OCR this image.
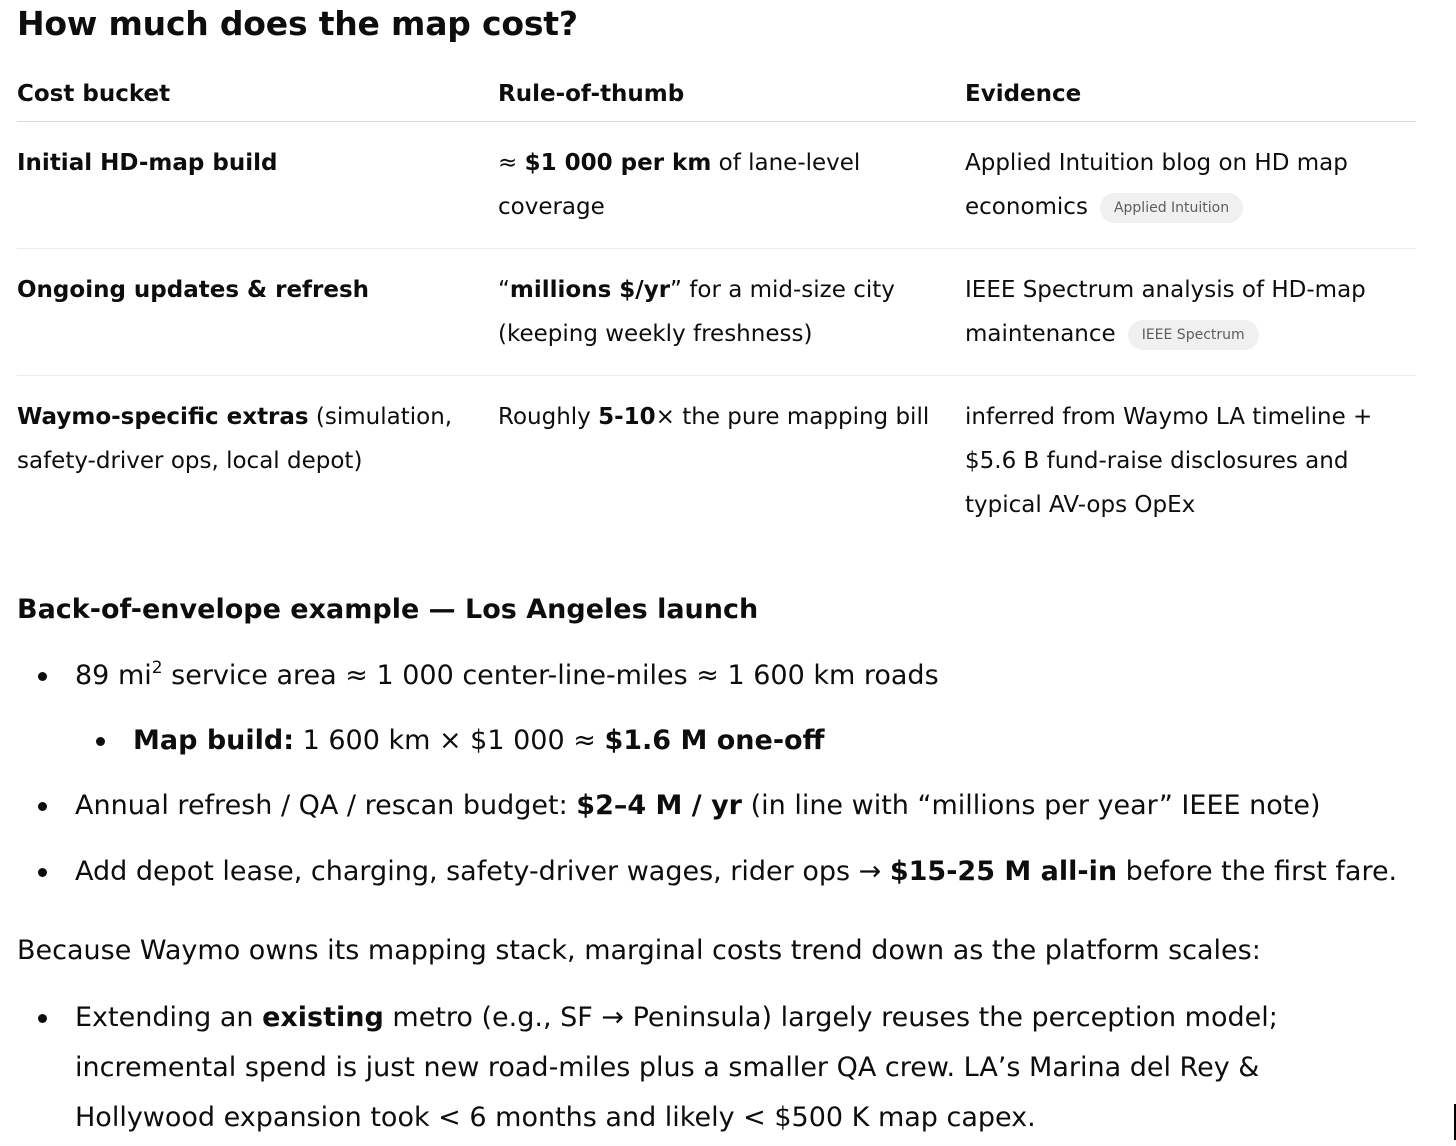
How much does the map cost?
Cost bucket	Rule-of-thumb	Evidence
Initial HD-map build	≈ $1 000 per km of lane-level coverage	Applied Intuition blog on HD map economics Applied Intuition
Ongoing updates & refresh	“millions $/yr” for a mid-size city (keeping weekly freshness)	IEEE Spectrum analysis of HD-map maintenance IEEE Spectrum
Waymo-specific extras (simulation, safety-driver ops, local depot)	Roughly 5-10× the pure mapping bill	inferred from Waymo LA timeline + $5.6 B fund-raise disclosures and typical AV-ops OpEx
Back-of-envelope example — Los Angeles launch
89 $mi^2$ service area ≈ 1 000 center-line-miles ≈ 1 600 km roads
Map build: 1 600 km × $1 000 ≈ $1.6 M one-off
Annual refresh / QA / rescan budget: $2–4 M / yr (in line with “millions per year” IEEE note)
Add depot lease, charging, safety-driver wages, rider ops → $15-25 M all-in before the first fare.
Because Waymo owns its mapping stack, marginal costs trend down as the platform scales:
Extending an existing metro (e.g., SF → Peninsula) largely reuses the perception model; incremental spend is just new road-miles plus a smaller QA crew. LA’s Marina del Rey & Hollywood expansion took < 6 months and likely < $500 K map capex.
